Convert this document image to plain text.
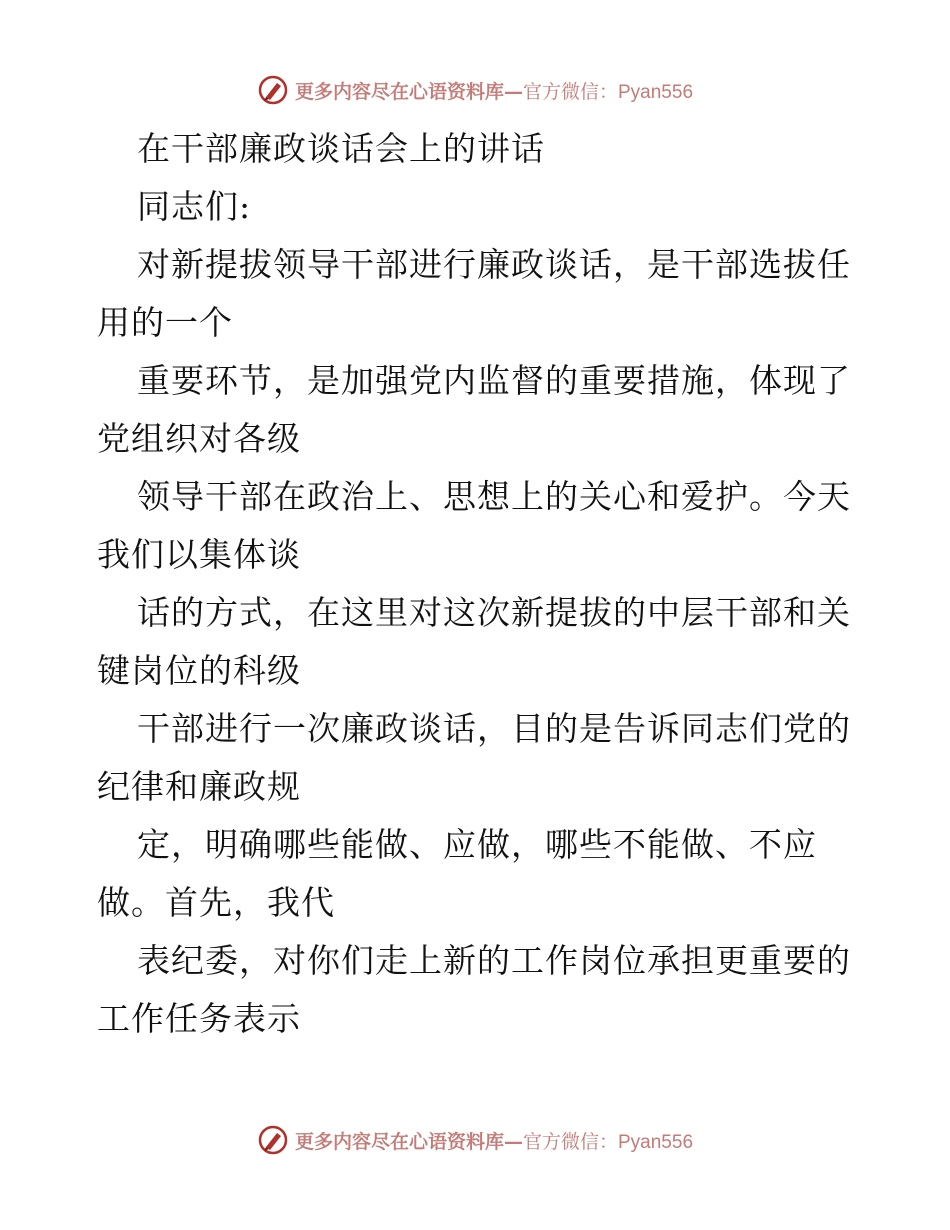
更多内容尽在心语资料库—官方微信：Pyan556
在干部廉政谈话会上的讲话
同志们:
对新提拔领导干部进行廉政谈话，是干部选拔任
用的一个
重要环节，是加强党内监督的重要措施，体现了
党组织对各级
领导干部在政治上、思想上的关心和爱护。今天
我们以集体谈
话的方式，在这里对这次新提拔的中层干部和关
键岗位的科级
干部进行一次廉政谈话，目的是告诉同志们党的
纪律和廉政规
定，明确哪些能做、应做，哪些不能做、不应
做。首先，我代
表纪委，对你们走上新的工作岗位承担更重要的
工作任务表示
更多内容尽在心语资料库—官方微信：Pyan556
